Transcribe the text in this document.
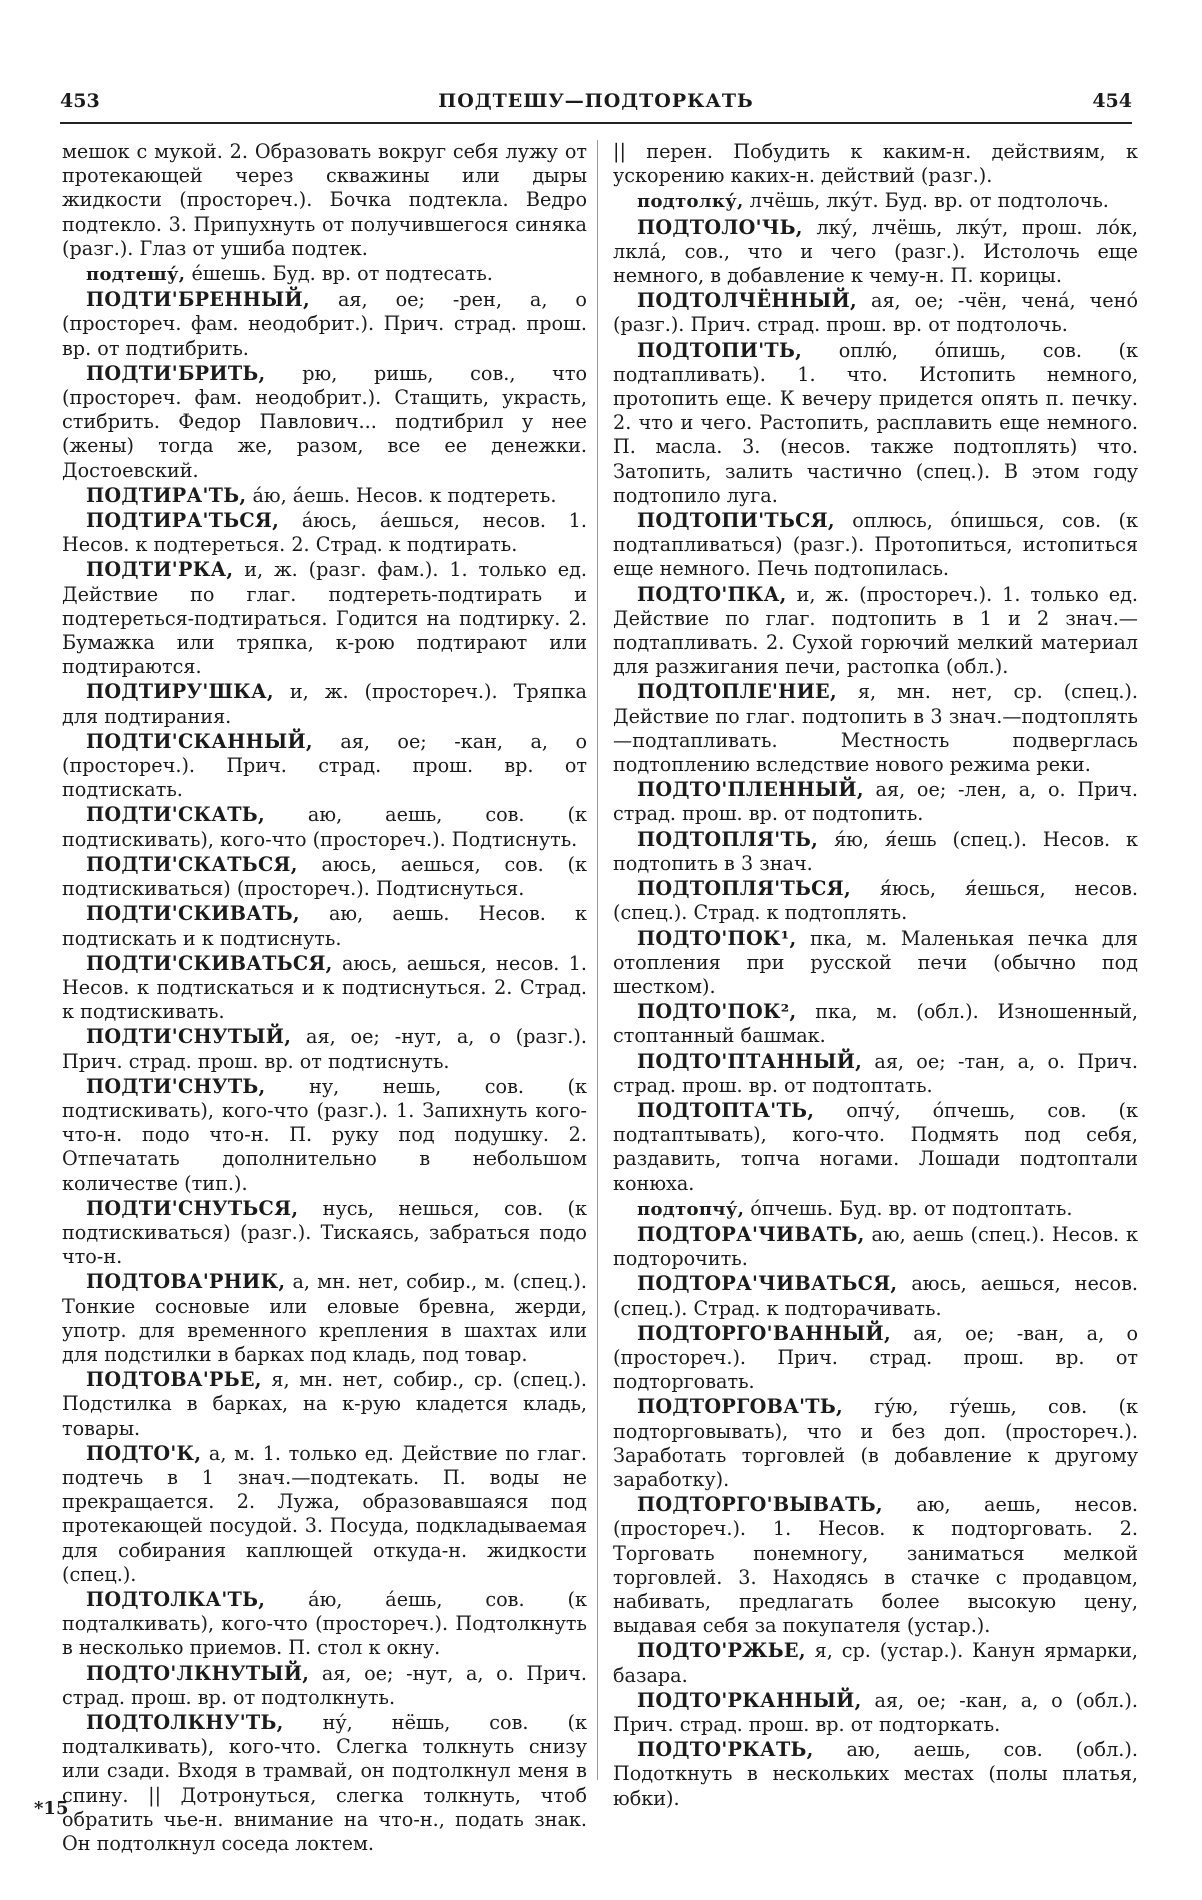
453	ПОДТЕШУ—ПОДТОРКАТЬ	454

мешок с мукой. 2. Образовать вокруг себя лужу от протекающей через скважины или дыры жидкости (простореч.). Бочка подтекла. Ведро подтекло. 3. Припухнуть от получившегося синяка (разг.). Глаз от ушиба подтек.

подтешу́, е́шешь. Буд. вр. от подтесать.

ПОДТИ'БРЕННЫЙ, ая, ое; -рен, а, о (простореч. фам. неодобрит.). Прич. страд. прош. вр. от подтибрить.

ПОДТИ'БРИТЬ, рю, ришь, сов., что (простореч. фам. неодобрит.). Стащить, украсть, стибрить. Федор Павлович... подтибрил у нее (жены) тогда же, разом, все ее денежки. Достоевский.

ПОДТИРА'ТЬ, а́ю, а́ешь. Несов. к подтереть.

ПОДТИРА'ТЬСЯ, а́юсь, а́ешься, несов. 1. Несов. к подтереться. 2. Страд. к подтирать.

ПОДТИ'РКА, и, ж. (разг. фам.). 1. только ед. Действие по глаг. подтереть-подтирать и подтереться-подтираться. Годится на подтирку. 2. Бумажка или тряпка, к-рою подтирают или подтираются.

ПОДТИРУ'ШКА, и, ж. (простореч.). Тряпка для подтирания.

ПОДТИ'СКАННЫЙ, ая, ое; -кан, а, о (простореч.). Прич. страд. прош. вр. от подтискать.

ПОДТИ'СКАТЬ, аю, аешь, сов. (к подтискивать), кого-что (простореч.). Подтиснуть.

ПОДТИ'СКАТЬСЯ, аюсь, аешься, сов. (к подтискиваться) (простореч.). Подтиснуться.

ПОДТИ'СКИВАТЬ, аю, аешь. Несов. к подтискать и к подтиснуть.

ПОДТИ'СКИВАТЬСЯ, аюсь, аешься, несов. 1. Несов. к подтискаться и к подтиснуться. 2. Страд. к подтискивать.

ПОДТИ'СНУТЫЙ, ая, ое; -нут, а, о (разг.). Прич. страд. прош. вр. от подтиснуть.

ПОДТИ'СНУТЬ, ну, нешь, сов. (к подтискивать), кого-что (разг.). 1. Запихнуть кого-что-н. подо что-н. П. руку под подушку. 2. Отпечатать дополнительно в небольшом количестве (тип.).

ПОДТИ'СНУТЬСЯ, нусь, нешься, сов. (к подтискиваться) (разг.). Тискаясь, забраться подо что-н.

ПОДТОВА'РНИК, а, мн. нет, собир., м. (спец.). Тонкие сосновые или еловые бревна, жерди, употр. для временного крепления в шахтах или для подстилки в барках под кладь, под товар.

ПОДТОВА'РЬЕ, я, мн. нет, собир., ср. (спец.). Подстилка в барках, на к-рую кладется кладь, товары.

ПОДТО'К, а, м. 1. только ед. Действие по глаг. подтечь в 1 знач.—подтекать. П. воды не прекращается. 2. Лужа, образовавшаяся под протекающей посудой. 3. Посуда, подкладываемая для собирания каплющей откуда-н. жидкости (спец.).

ПОДТОЛКА'ТЬ, а́ю, а́ешь, сов. (к подталкивать), кого-что (простореч.). Подтолкнуть в несколько приемов. П. стол к окну.

ПОДТО'ЛКНУТЫЙ, ая, ое; -нут, а, о. Прич. страд. прош. вр. от подтолкнуть.

ПОДТОЛКНУ'ТЬ, ну́, нёшь, сов. (к подталкивать), кого-что. Слегка толкнуть снизу или сзади. Входя в трамвай, он подтолкнул меня в спину. || Дотронуться, слегка толкнуть, чтоб обратить чье-н. внимание на что-н., подать знак. Он подтолкнул соседа локтем.

|| перен. Побудить к каким-н. действиям, к ускорению каких-н. действий (разг.).

подтолку́, лчёшь, лку́т. Буд. вр. от подтолочь.

ПОДТОЛО'ЧЬ, лку́, лчёшь, лку́т, прош. ло́к, лкла́, сов., что и чего (разг.). Истолочь еще немного, в добавление к чему-н. П. корицы.

ПОДТОЛЧЁННЫЙ, ая, ое; -чён, чена́, чено́ (разг.). Прич. страд. прош. вр. от подтолочь.

ПОДТОПИ'ТЬ, оплю́, о́пишь, сов. (к подтапливать). 1. что. Истопить немного, протопить еще. К вечеру придется опять п. печку. 2. что и чего. Растопить, расплавить еще немного. П. масла. 3. (несов. также подтоплять) что. Затопить, залить частично (спец.). В этом году подтопило луга.

ПОДТОПИ'ТЬСЯ, оплюсь, о́пишься, сов. (к подтапливаться) (разг.). Протопиться, истопиться еще немного. Печь подтопилась.

ПОДТО'ПКА, и, ж. (простореч.). 1. только ед. Действие по глаг. подтопить в 1 и 2 знач.—подтапливать. 2. Сухой горючий мелкий материал для разжигания печи, растопка (обл.).

ПОДТОПЛЕ'НИЕ, я, мн. нет, ср. (спец.). Действие по глаг. подтопить в 3 знач.—подтоплять—подтапливать. Местность подверглась подтоплению вследствие нового режима реки.

ПОДТО'ПЛЕННЫЙ, ая, ое; -лен, а, о. Прич. страд. прош. вр. от подтопить.

ПОДТОПЛЯ'ТЬ, я́ю, я́ешь (спец.). Несов. к подтопить в 3 знач.

ПОДТОПЛЯ'ТЬСЯ, я́юсь, я́ешься, несов. (спец.). Страд. к подтоплять.

ПОДТО'ПОК¹, пка, м. Маленькая печка для отопления при русской печи (обычно под шестком).

ПОДТО'ПОК², пка, м. (обл.). Изношенный, стоптанный башмак.

ПОДТО'ПТАННЫЙ, ая, ое; -тан, а, о. Прич. страд. прош. вр. от подтоптать.

ПОДТОПТА'ТЬ, опчу́, о́пчешь, сов. (к подтаптывать), кого-что. Подмять под себя, раздавить, топча ногами. Лошади подтоптали конюха.

подтопчу́, о́пчешь. Буд. вр. от подтоптать.

ПОДТОРА'ЧИВАТЬ, аю, аешь (спец.). Несов. к подторочить.

ПОДТОРА'ЧИВАТЬСЯ, аюсь, аешься, несов. (спец.). Страд. к подторачивать.

ПОДТОРГО'ВАННЫЙ, ая, ое; -ван, а, о (простореч.). Прич. страд. прош. вр. от подторговать.

ПОДТОРГОВА'ТЬ, гу́ю, гу́ешь, сов. (к подторговывать), что и без доп. (простореч.). Заработать торговлей (в добавление к другому заработку).

ПОДТОРГО'ВЫВАТЬ, аю, аешь, несов. (простореч.). 1. Несов. к подторговать. 2. Торговать понемногу, заниматься мелкой торговлей. 3. Находясь в стачке с продавцом, набивать, предлагать более высокую цену, выдавая себя за покупателя (устар.).

ПОДТО'РЖЬЕ, я, ср. (устар.). Канун ярмарки, базара.

ПОДТО'РКАННЫЙ, ая, ое; -кан, а, о (обл.). Прич. страд. прош. вр. от подторкать.

ПОДТО'РКАТЬ, аю, аешь, сов. (обл.). Подоткнуть в нескольких местах (полы платья, юбки).

*15
